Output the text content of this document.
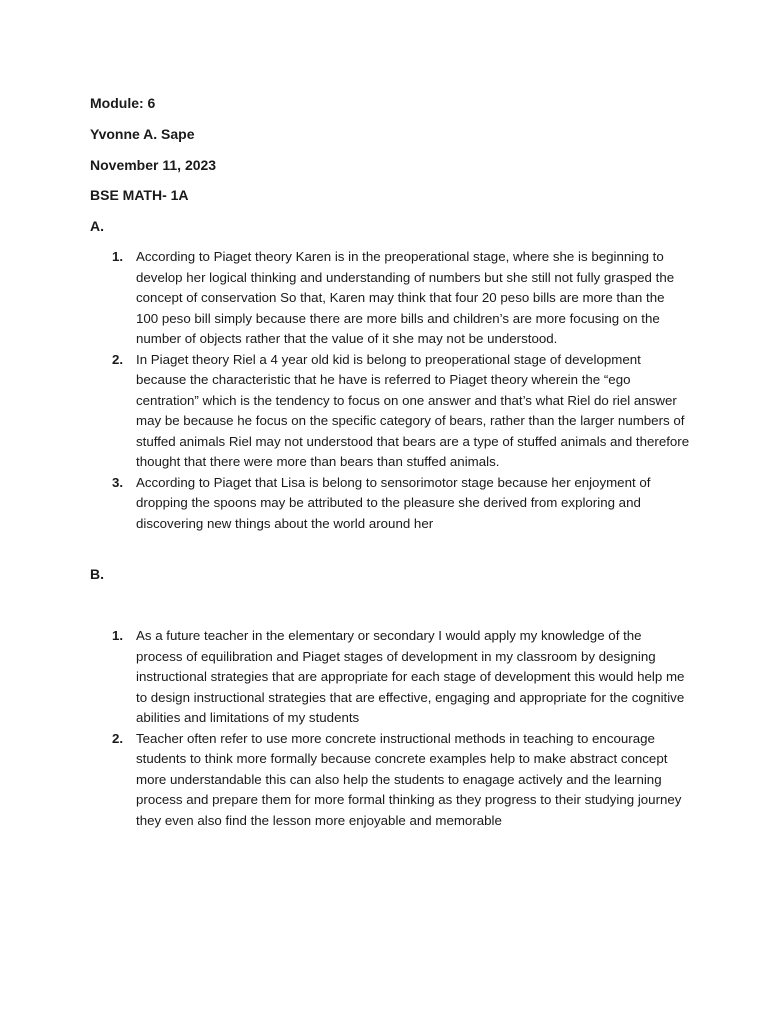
Module: 6
Yvonne A. Sape
November 11, 2023
BSE MATH- 1A
A.
1. According to Piaget theory Karen is in the preoperational stage, where she is beginning to develop her logical thinking and understanding of numbers but she still not fully grasped the concept of conservation So that, Karen may think that four 20 peso bills are more than the 100 peso bill simply because there are more bills and children’s are more focusing on the number of objects rather that the value of it she may not be understood.
2. In Piaget theory Riel a 4 year old kid is belong to preoperational stage of development because the characteristic that he have is referred to Piaget theory wherein the “ego centration” which is the tendency to focus on one answer and that’s what Riel do riel answer may be because he focus on the specific category of bears, rather than the larger numbers of stuffed animals Riel may not understood that bears are a type of stuffed animals and therefore thought that there were more than bears than stuffed animals.
3. According to Piaget that Lisa is belong to sensorimotor stage because her enjoyment of dropping the spoons may be attributed to the pleasure she derived from exploring and discovering new things about the world around her
B.
1. As a future teacher in the elementary or secondary I would apply my knowledge of the process of equilibration and Piaget stages of development in my classroom by designing instructional strategies that are appropriate for each stage of development this would help me to design instructional strategies that are effective, engaging and appropriate for the cognitive abilities and limitations of my students
2. Teacher often refer to use more concrete instructional methods in teaching to encourage students to think more formally because concrete examples help to make abstract concept more understandable this can also help the students to enagage actively and the learning process and prepare them for more formal thinking as they progress to their studying journey they even also find the lesson more enjoyable and memorable
